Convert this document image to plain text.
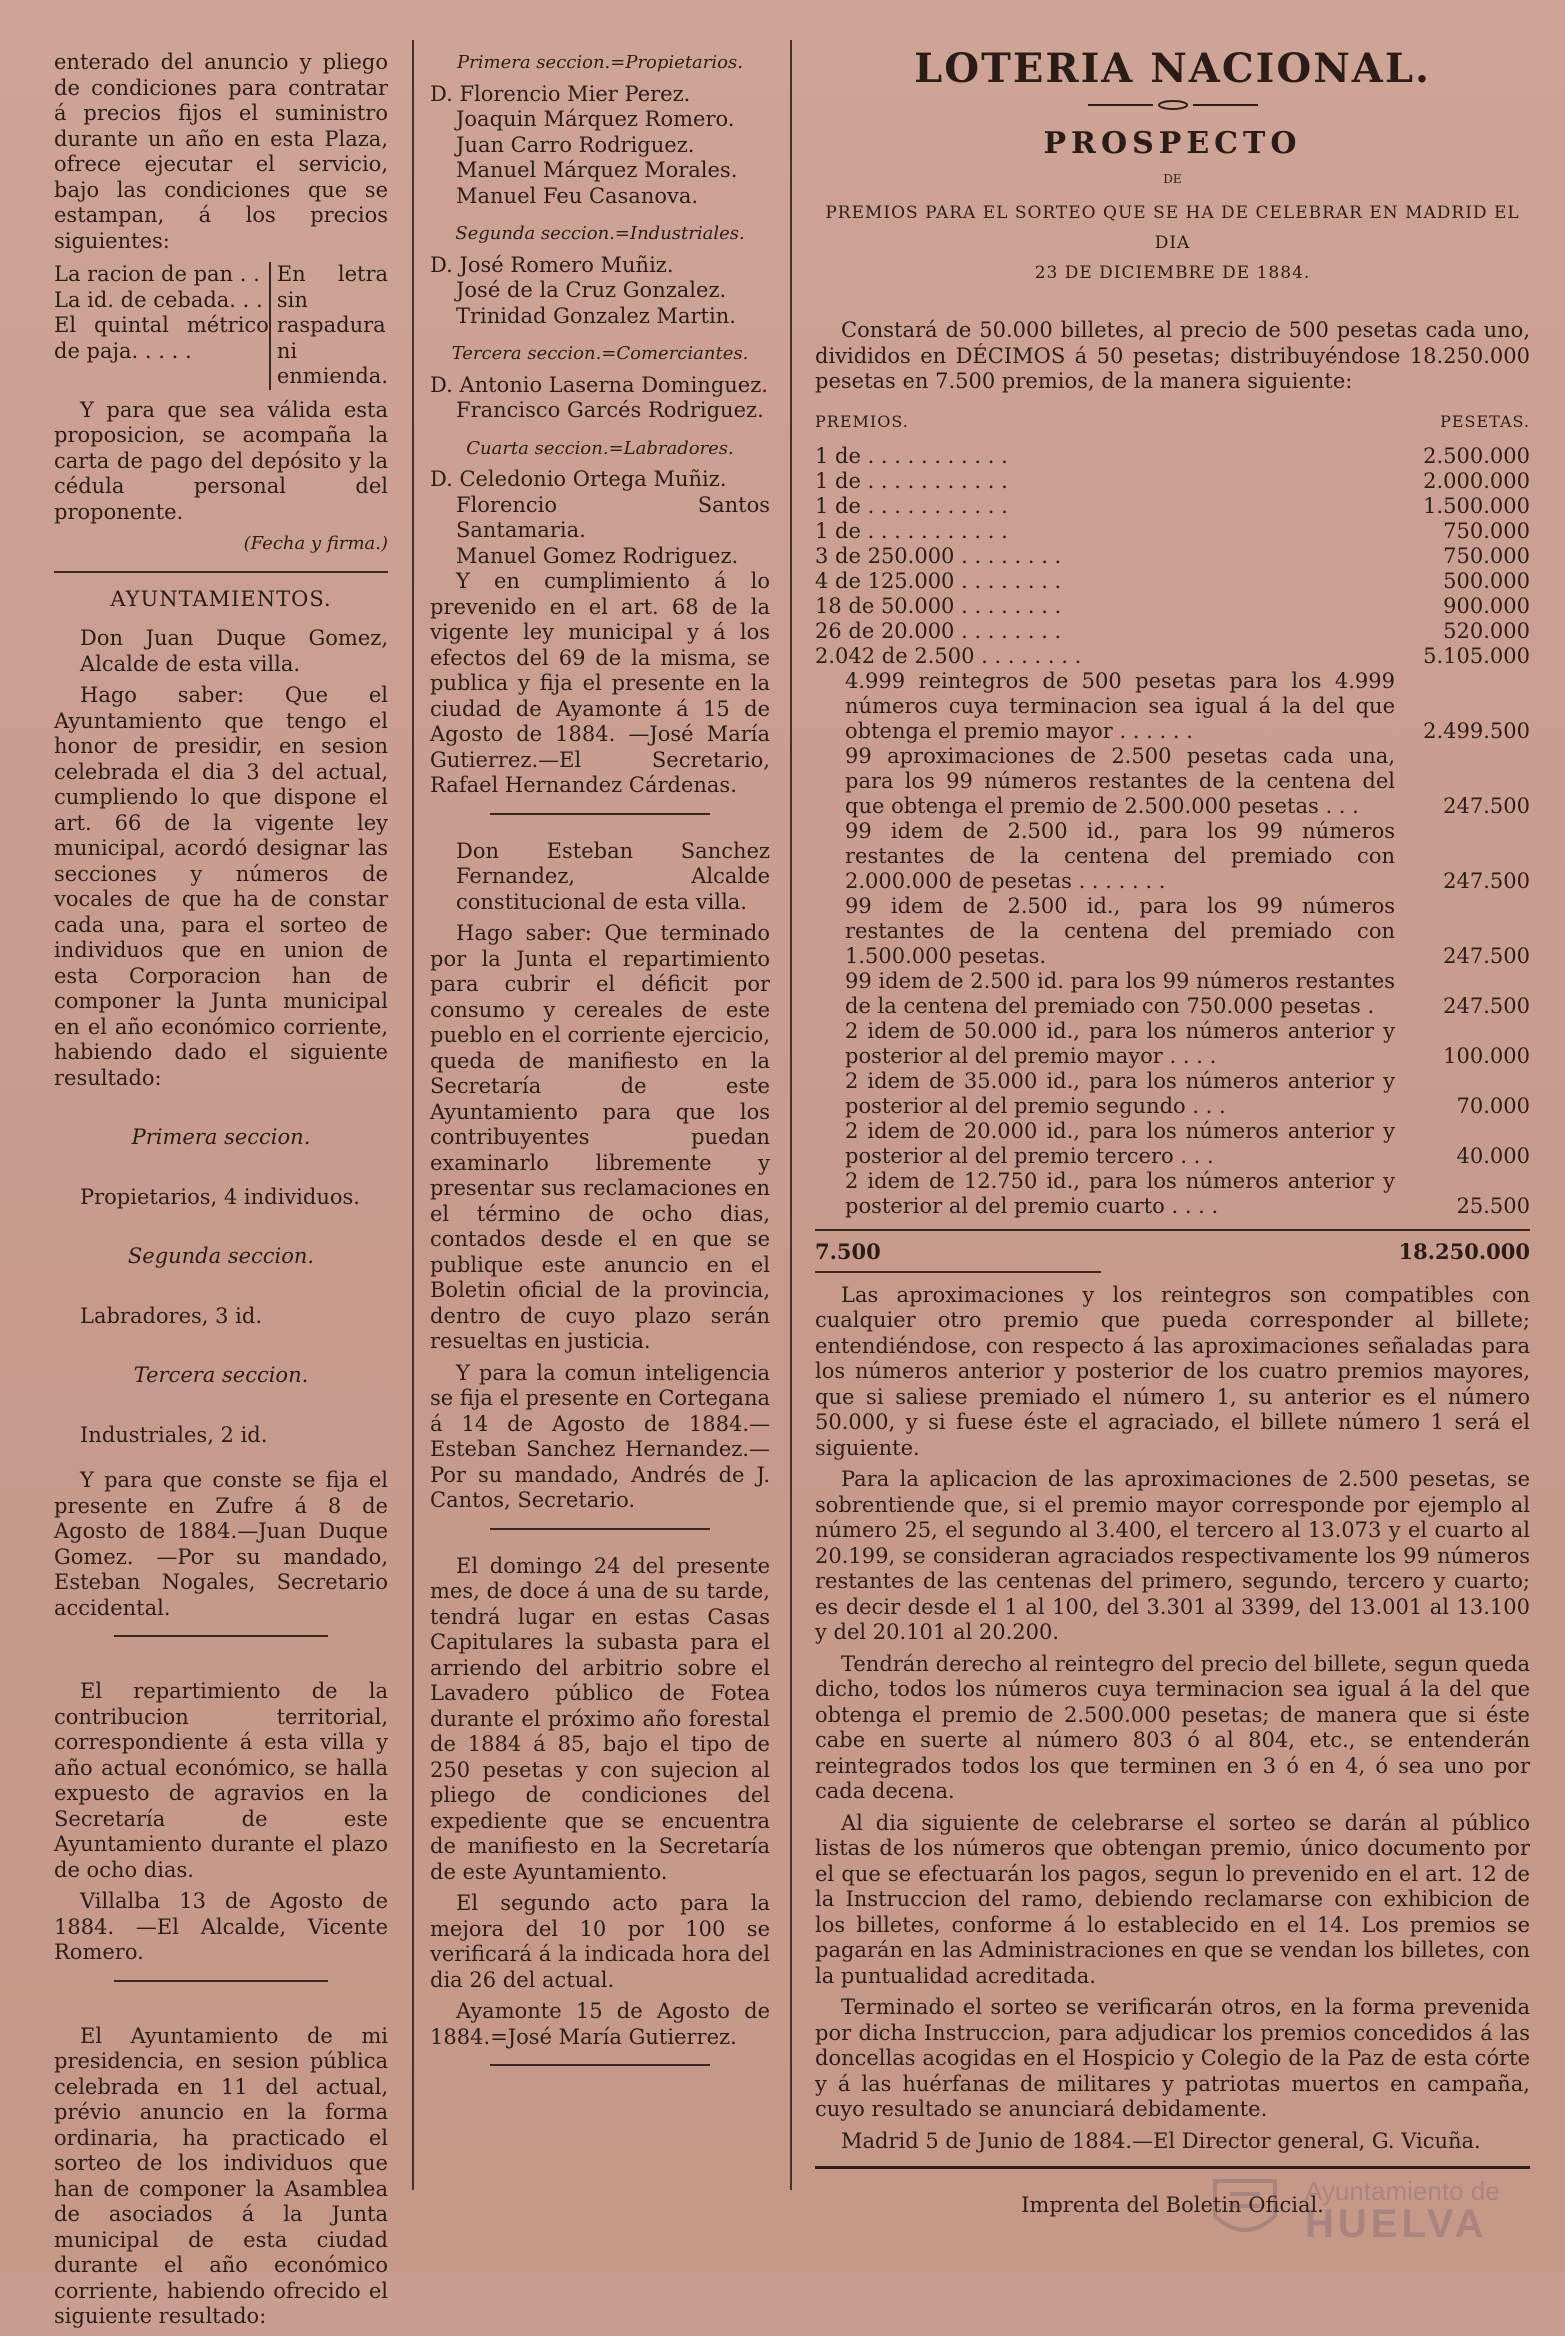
enterado del anuncio y pliego de condiciones para contratar á precios fijos el suministro durante un año en esta Plaza, ofrece ejecutar el servicio, bajo las condiciones que se estampan, á los precios siguientes:

La racion de pan . .
La id. de cebada. . .
El quintal métrico de paja. . . . .

En letra sin raspadura ni enmienda.

Y para que sea válida esta proposicion, se acompaña la carta de pago del depósito y la cédula personal del proponente.

(Fecha y firma.)
AYUNTAMIENTOS.

Don Juan Duque Gomez, Alcalde de esta villa.

Hago saber: Que el Ayuntamiento que tengo el honor de presidir, en sesion celebrada el dia 3 del actual, cumpliendo lo que dispone el art. 66 de la vigente ley municipal, acordó designar las secciones y números de vocales de que ha de constar cada una, para el sorteo de individuos que en union de esta Corporacion han de componer la Junta municipal en el año económico corriente, habiendo dado el siguiente resultado:

Primera seccion.

Propietarios, 4 individuos.

Segunda seccion.

Labradores, 3 id.

Tercera seccion.

Industriales, 2 id.

Y para que conste se fija el presente en Zufre á 8 de Agosto de 1884.—Juan Duque Gomez. —Por su mandado, Esteban Nogales, Secretario accidental.

El repartimiento de la contribucion territorial, correspondiente á esta villa y año actual económico, se halla expuesto de agravios en la Secretaría de este Ayuntamiento durante el plazo de ocho dias.

Villalba 13 de Agosto de 1884. —El Alcalde, Vicente Romero.

El Ayuntamiento de mi presidencia, en sesion pública celebrada en 11 del actual, prévio anuncio en la forma ordinaria, ha practicado el sorteo de los individuos que han de componer la Asamblea de asociados á la Junta municipal de esta ciudad durante el año económico corriente, habiendo ofrecido el siguiente resultado:

Primera seccion.=Propietarios.

D. Florencio Mier Perez.
Joaquin Márquez Romero.
Juan Carro Rodriguez.
Manuel Márquez Morales.
Manuel Feu Casanova.

Segunda seccion.=Industriales.

D. José Romero Muñiz.
José de la Cruz Gonzalez.
Trinidad Gonzalez Martin.

Tercera seccion.=Comerciantes.

D. Antonio Laserna Dominguez.
Francisco Garcés Rodriguez.

Cuarta seccion.=Labradores.

D. Celedonio Ortega Muñiz.
Florencio Santos Santamaria.
Manuel Gomez Rodriguez.

Y en cumplimiento á lo prevenido en el art. 68 de la vigente ley municipal y á los efectos del 69 de la misma, se publica y fija el presente en la ciudad de Ayamonte á 15 de Agosto de 1884. —José María Gutierrez.—El Secretario, Rafael Hernandez Cárdenas.

Don Esteban Sanchez Fernandez, Alcalde constitucional de esta villa.

Hago saber: Que terminado por la Junta el repartimiento para cubrir el déficit por consumo y cereales de este pueblo en el corriente ejercicio, queda de manifiesto en la Secretaría de este Ayuntamiento para que los contribuyentes puedan examinarlo libremente y presentar sus reclamaciones en el término de ocho dias, contados desde el en que se publique este anuncio en el Boletin oficial de la provincia, dentro de cuyo plazo serán resueltas en justicia.

Y para la comun inteligencia se fija el presente en Cortegana á 14 de Agosto de 1884.—Esteban Sanchez Hernandez.—Por su mandado, Andrés de J. Cantos, Secretario.

El domingo 24 del presente mes, de doce á una de su tarde, tendrá lugar en estas Casas Capitulares la subasta para el arriendo del arbitrio sobre el Lavadero público de Fotea durante el próximo año forestal de 1884 á 85, bajo el tipo de 250 pesetas y con sujecion al pliego de condiciones del expediente que se encuentra de manifiesto en la Secretaría de este Ayuntamiento.

El segundo acto para la mejora del 10 por 100 se verificará á la indicada hora del dia 26 del actual.

Ayamonte 15 de Agosto de 1884.=José María Gutierrez.

LOTERIA NACIONAL.
PROSPECTO
DE
PREMIOS PARA EL SORTEO QUE SE HA DE CELEBRAR EN MADRID EL DIA
23 DE DICIEMBRE DE 1884.

Constará de 50.000 billetes, al precio de 500 pesetas cada uno, divididos en DÉCIMOS á 50 pesetas; distribuyéndose 18.250.000 pesetas en 7.500 premios, de la manera siguiente:

PREMIOS.	PESETAS.
1 de . . . . . . . . . . .	2.500.000
1 de . . . . . . . . . . .	2.000.000
1 de . . . . . . . . . . .	1.500.000
1 de . . . . . . . . . . .	750.000
3 de 250.000 . . . . . . . .	750.000
4 de 125.000 . . . . . . . .	500.000
18 de 50.000 . . . . . . . .	900.000
26 de 20.000 . . . . . . . .	520.000
2.042 de 2.500 . . . . . . . .	5.105.000
4.999 reintegros de 500 pesetas para los 4.999 números cuya terminacion sea igual á la del que obtenga el premio mayor . . . . . .	2.499.500
99 aproximaciones de 2.500 pesetas cada una, para los 99 números restantes de la centena del que obtenga el premio de 2.500.000 pesetas . . .	247.500
99 idem de 2.500 id., para los 99 números restantes de la centena del premiado con 2.000.000 de pesetas . . . . . . .	247.500
99 idem de 2.500 id., para los 99 números restantes de la centena del premiado con 1.500.000 pesetas.	247.500
99 idem de 2.500 id. para los 99 números restantes de la centena del premiado con 750.000 pesetas .	247.500
2 idem de 50.000 id., para los números anterior y posterior al del premio mayor . . . .	100.000
2 idem de 35.000 id., para los números anterior y posterior al del premio segundo . . .	70.000
2 idem de 20.000 id., para los números anterior y posterior al del premio tercero . . .	40.000
2 idem de 12.750 id., para los números anterior y posterior al del premio cuarto . . . .	25.500
7.500	18.250.000

Las aproximaciones y los reintegros son compatibles con cualquier otro premio que pueda corresponder al billete; entendiéndose, con respecto á las aproximaciones señaladas para los números anterior y posterior de los cuatro premios mayores, que si saliese premiado el número 1, su anterior es el número 50.000, y si fuese éste el agraciado, el billete número 1 será el siguiente.

Para la aplicacion de las aproximaciones de 2.500 pesetas, se sobrentiende que, si el premio mayor corresponde por ejemplo al número 25, el segundo al 3.400, el tercero al 13.073 y el cuarto al 20.199, se consideran agraciados respectivamente los 99 números restantes de las centenas del primero, segundo, tercero y cuarto; es decir desde el 1 al 100, del 3.301 al 3399, del 13.001 al 13.100 y del 20.101 al 20.200.

Tendrán derecho al reintegro del precio del billete, segun queda dicho, todos los números cuya terminacion sea igual á la del que obtenga el premio de 2.500.000 pesetas; de manera que si éste cabe en suerte al número 803 ó al 804, etc., se entenderán reintegrados todos los que terminen en 3 ó en 4, ó sea uno por cada decena.

Al dia siguiente de celebrarse el sorteo se darán al público listas de los números que obtengan premio, único documento por el que se efectuarán los pagos, segun lo prevenido en el art. 12 de la Instruccion del ramo, debiendo reclamarse con exhibicion de los billetes, conforme á lo establecido en el 14. Los premios se pagarán en las Administraciones en que se vendan los billetes, con la puntualidad acreditada.

Terminado el sorteo se verificarán otros, en la forma prevenida por dicha Instruccion, para adjudicar los premios concedidos á las doncellas acogidas en el Hospicio y Colegio de la Paz de esta córte y á las huérfanas de militares y patriotas muertos en campaña, cuyo resultado se anunciará debidamente.

Madrid 5 de Junio de 1884.—El Director general, G. Vicuña.

Imprenta del Boletin Oficial.
Ayuntamiento de
HUELVA
